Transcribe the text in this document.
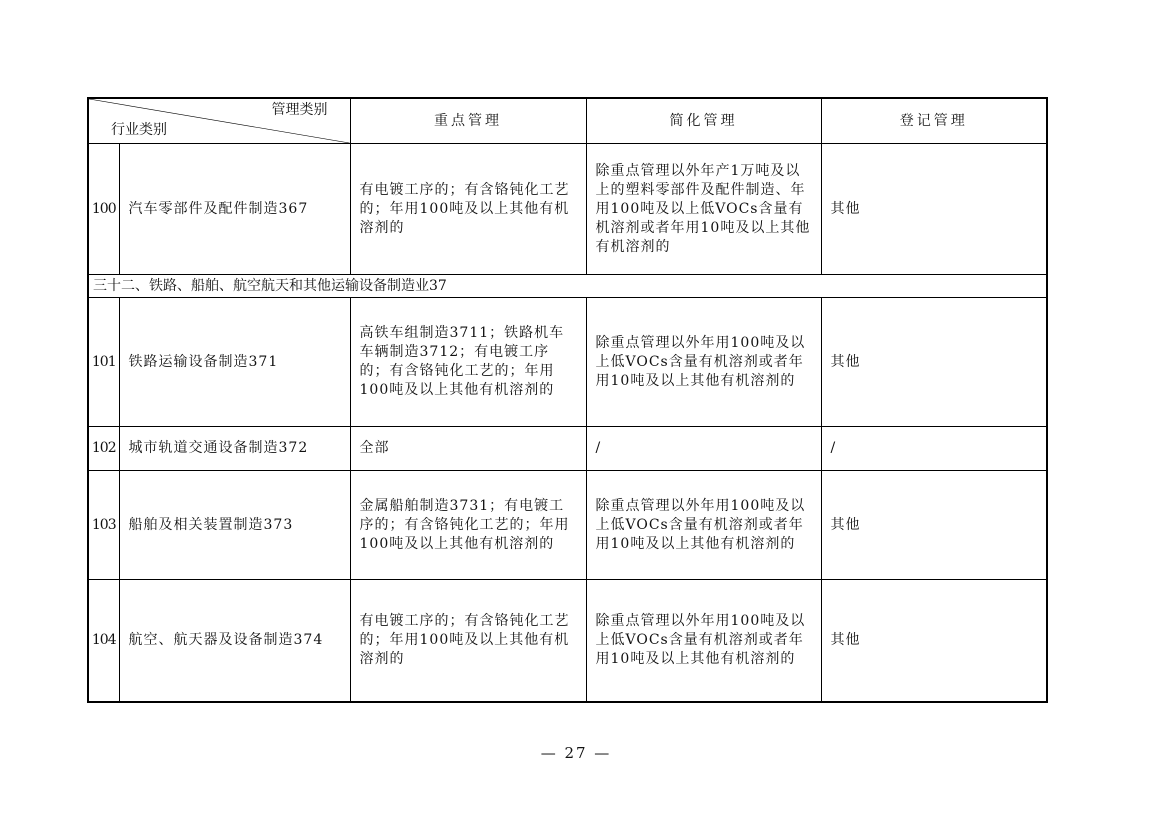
管理类别
行业类别		重点管理	简化管理	登记管理
100	汽车零部件及配件制造367	有电镀工序的；有含铬钝化工艺的；年用100吨及以上其他有机溶剂的	除重点管理以外年产1万吨及以上的塑料零部件及配件制造、年用100吨及以上低VOCs含量有机溶剂或者年用10吨及以上其他有机溶剂的	其他
三十二、铁路、船舶、航空航天和其他运输设备制造业37				
101	铁路运输设备制造371	高铁车组制造3711；铁路机车车辆制造3712；有电镀工序的；有含铬钝化工艺的；年用100吨及以上其他有机溶剂的	除重点管理以外年用100吨及以上低VOCs含量有机溶剂或者年用10吨及以上其他有机溶剂的	其他
102	城市轨道交通设备制造372	全部	/	/
103	船舶及相关装置制造373	金属船舶制造3731；有电镀工序的；有含铬钝化工艺的；年用100吨及以上其他有机溶剂的	除重点管理以外年用100吨及以上低VOCs含量有机溶剂或者年用10吨及以上其他有机溶剂的	其他
104	航空、航天器及设备制造374	有电镀工序的；有含铬钝化工艺的；年用100吨及以上其他有机溶剂的	除重点管理以外年用100吨及以上低VOCs含量有机溶剂或者年用10吨及以上其他有机溶剂的	其他
— 27 —
